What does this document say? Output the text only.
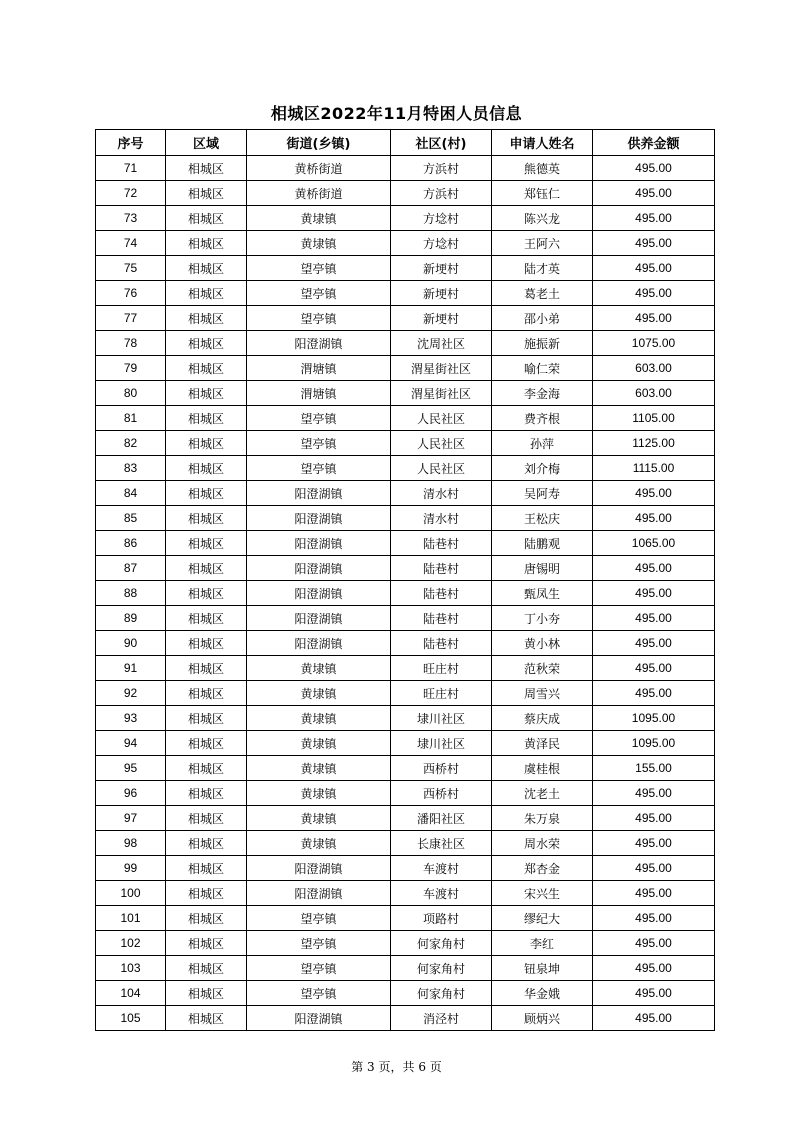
相城区2022年11月特困人员信息
序号	区域	街道(乡镇)	社区(村)	申请人姓名	供养金额
71	相城区	黄桥街道	方浜村	熊德英	495.00
72	相城区	黄桥街道	方浜村	郑钰仁	495.00
73	相城区	黄埭镇	方埝村	陈兴龙	495.00
74	相城区	黄埭镇	方埝村	王阿六	495.00
75	相城区	望亭镇	新埂村	陆才英	495.00
76	相城区	望亭镇	新埂村	葛老土	495.00
77	相城区	望亭镇	新埂村	邵小弟	495.00
78	相城区	阳澄湖镇	沈周社区	施振新	1075.00
79	相城区	渭塘镇	渭星街社区	喻仁荣	603.00
80	相城区	渭塘镇	渭星街社区	李金海	603.00
81	相城区	望亭镇	人民社区	费齐根	1105.00
82	相城区	望亭镇	人民社区	孙萍	1125.00
83	相城区	望亭镇	人民社区	刘介梅	1115.00
84	相城区	阳澄湖镇	清水村	吴阿寿	495.00
85	相城区	阳澄湖镇	清水村	王松庆	495.00
86	相城区	阳澄湖镇	陆巷村	陆鹏观	1065.00
87	相城区	阳澄湖镇	陆巷村	唐锡明	495.00
88	相城区	阳澄湖镇	陆巷村	甄凤生	495.00
89	相城区	阳澄湖镇	陆巷村	丁小夯	495.00
90	相城区	阳澄湖镇	陆巷村	黄小林	495.00
91	相城区	黄埭镇	旺庄村	范秋荣	495.00
92	相城区	黄埭镇	旺庄村	周雪兴	495.00
93	相城区	黄埭镇	埭川社区	蔡庆成	1095.00
94	相城区	黄埭镇	埭川社区	黄泽民	1095.00
95	相城区	黄埭镇	西桥村	虞桂根	155.00
96	相城区	黄埭镇	西桥村	沈老土	495.00
97	相城区	黄埭镇	潘阳社区	朱万泉	495.00
98	相城区	黄埭镇	长康社区	周水荣	495.00
99	相城区	阳澄湖镇	车渡村	郑杏金	495.00
100	相城区	阳澄湖镇	车渡村	宋兴生	495.00
101	相城区	望亭镇	项路村	缪纪大	495.00
102	相城区	望亭镇	何家角村	李红	495.00
103	相城区	望亭镇	何家角村	钮泉坤	495.00
104	相城区	望亭镇	何家角村	华金娥	495.00
105	相城区	阳澄湖镇	消泾村	顾炳兴	495.00
第 3 页，共 6 页
